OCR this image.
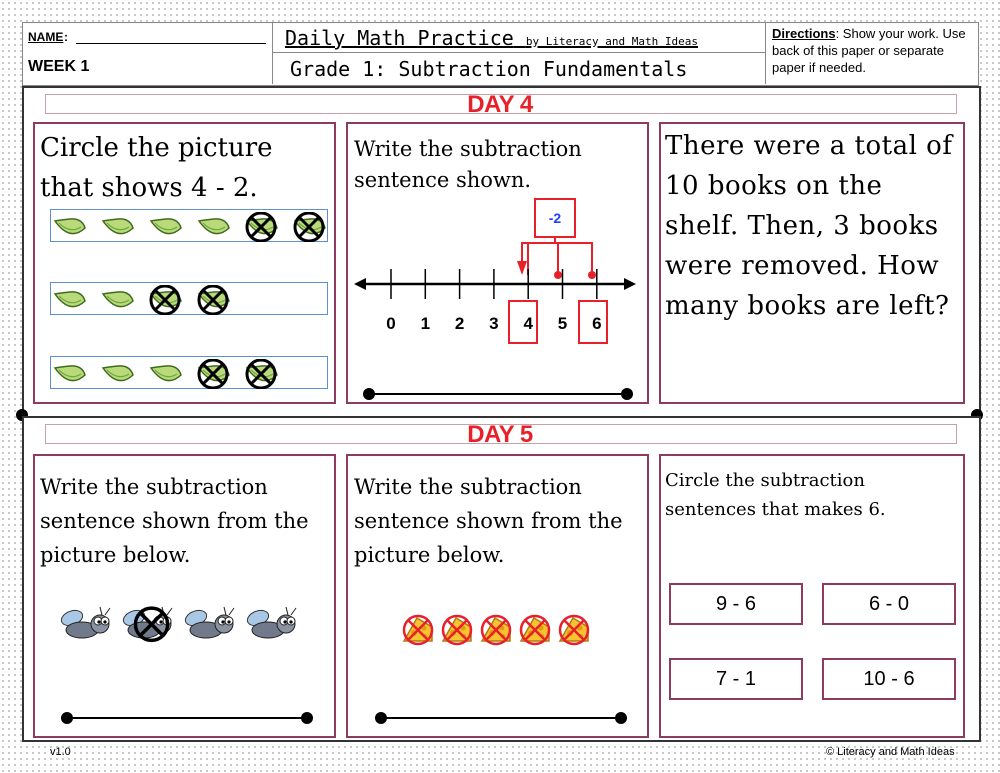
NAME :
WEEK 1
Daily Math Practice by Literacy and Math Ideas
Grade 1: Subtraction Fundamentals
Directions: Show your work. Use back of this paper or separate paper if needed.
DAY 4
Circle the picture that shows 4 - 2.
Write the subtraction sentence shown.
-2
0 1 2 3 4 5 6
There were a total of 10 books on the shelf. Then, 3 books were removed. How many books are left?
DAY 5
Write the subtraction sentence shown from the picture below.
Write the subtraction sentence shown from the picture below.
Circle the subtraction sentences that makes 6.
9 - 6	6 - 0
7 - 1	10 - 6
v1.0	© Literacy and Math Ideas
